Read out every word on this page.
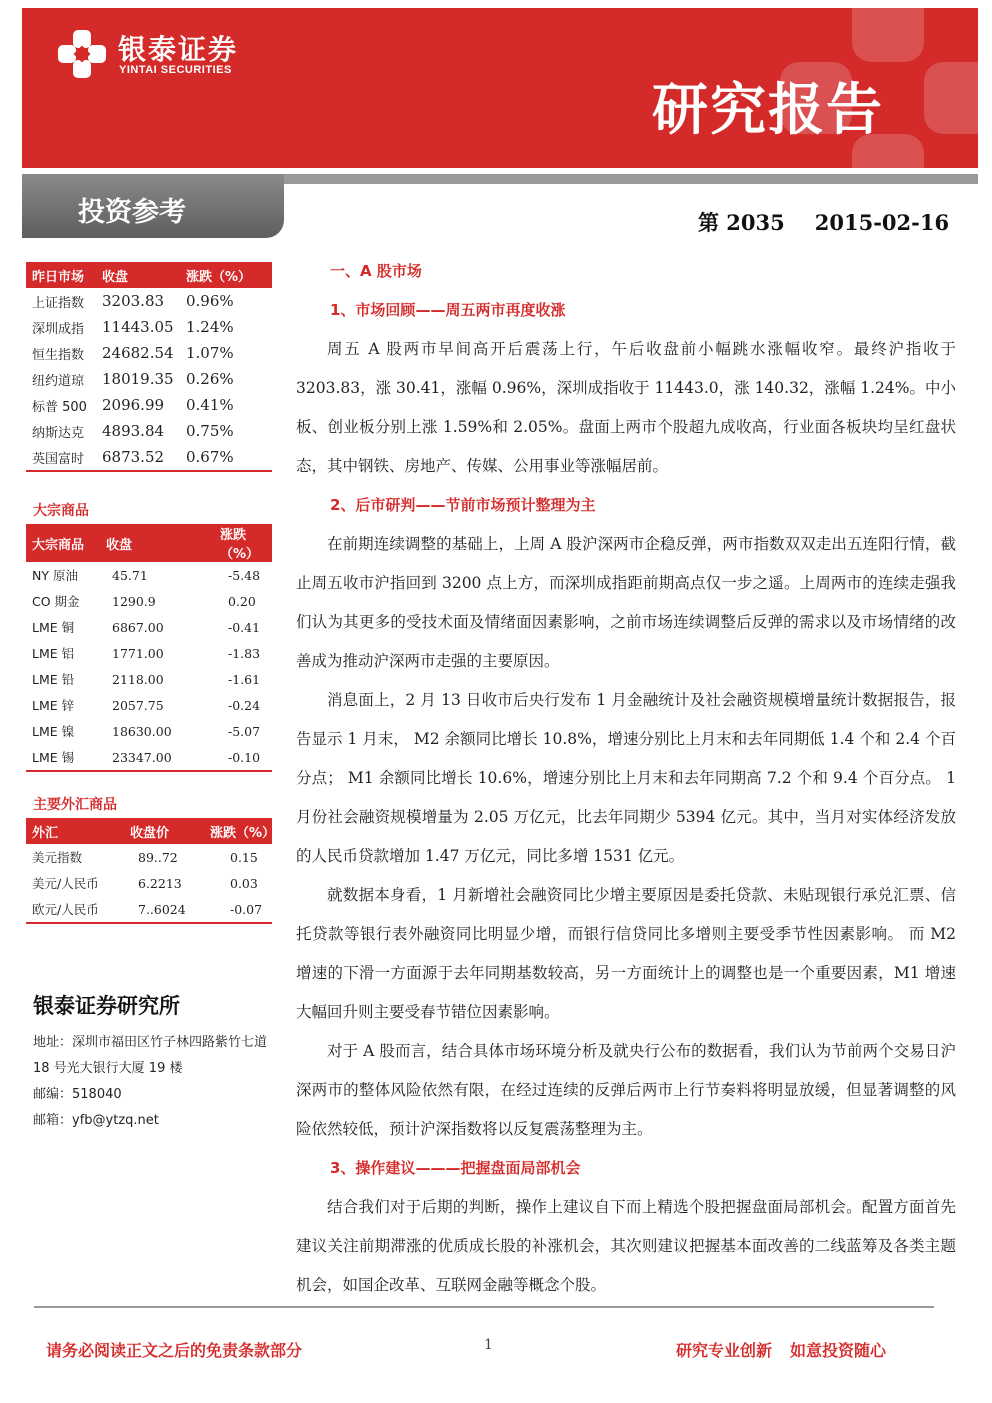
银泰证券
YINTAI SECURITIES
研究报告
投资参考	第 2035 2015-02-16
昨日市场	收盘	涨跌（%）
上证指数	3203.83	0.96%
深圳成指	11443.05	1.24%
恒生指数	24682.54	1.07%
纽约道琼	18019.35	0.26%
标普 500	2096.99	0.41%
纳斯达克	4893.84	0.75%
英国富时	6873.52	0.67%
大宗商品
大宗商品	收盘	涨跌（%）
NY 原油	45.71	-5.48
CO 期金	1290.9	0.20
LME 铜	6867.00	-0.41
LME 铝	1771.00	-1.83
LME 铅	2118.00	-1.61
LME 锌	2057.75	-0.24
LME 镍	18630.00	-5.07
LME 锡	23347.00	-0.10
主要外汇商品
外汇	收盘价	涨跌（%）
美元指数	89..72	0.15
美元/人民币	6.2213	0.03
欧元/人民币	7..6024	-0.07
银泰证券研究所
地址：深圳市福田区竹子林四路紫竹七道 18 号光大银行大厦 19 楼
邮编：518040
邮箱：yfb@ytzq.net
一、A 股市场
1、市场回顾——周五两市再度收涨

周五 A 股两市早间高开后震荡上行，午后收盘前小幅跳水涨幅收窄。最终沪指收于 3203.83，涨 30.41，涨幅 0.96%，深圳成指收于 11443.0，涨 140.32，涨幅 1.24%。中小板、创业板分别上涨 1.59%和 2.05%。盘面上两市个股超九成收高，行业面各板块均呈红盘状态，其中钢铁、房地产、传媒、公用事业等涨幅居前。

2、后市研判——节前市场预计整理为主

在前期连续调整的基础上，上周 A 股沪深两市企稳反弹，两市指数双双走出五连阳行情，截止周五收市沪指回到 3200 点上方，而深圳成指距前期高点仅一步之遥。上周两市的连续走强我们认为其更多的受技术面及情绪面因素影响，之前市场连续调整后反弹的需求以及市场情绪的改善成为推动沪深两市走强的主要原因。

消息面上，2 月 13 日收市后央行发布 1 月金融统计及社会融资规模增量统计数据报告，报告显示 1 月末， M2 余额同比增长 10.8%，增速分别比上月末和去年同期低 1.4 个和 2.4 个百分点； M1 余额同比增长 10.6%，增速分别比上月末和去年同期高 7.2 个和 9.4 个百分点。 1 月份社会融资规模增量为 2.05 万亿元，比去年同期少 5394 亿元。其中，当月对实体经济发放的人民币贷款增加 1.47 万亿元，同比多增 1531 亿元。

就数据本身看，1 月新增社会融资同比少增主要原因是委托贷款、未贴现银行承兑汇票、信托贷款等银行表外融资同比明显少增，而银行信贷同比多增则主要受季节性因素影响。 而 M2 增速的下滑一方面源于去年同期基数较高，另一方面统计上的调整也是一个重要因素，M1 增速大幅回升则主要受春节错位因素影响。

对于 A 股而言，结合具体市场环境分析及就央行公布的数据看，我们认为节前两个交易日沪深两市的整体风险依然有限，在经过连续的反弹后两市上行节奏料将明显放缓，但显著调整的风险依然较低，预计沪深指数将以反复震荡整理为主。

3、操作建议———把握盘面局部机会

结合我们对于后期的判断，操作上建议自下而上精选个股把握盘面局部机会。配置方面首先建议关注前期滞涨的优质成长股的补涨机会，其次则建议把握基本面改善的二线蓝筹及各类主题机会，如国企改革、互联网金融等概念个股。

请务必阅读正文之后的免责条款部分	1	研究专业创新 如意投资随心
